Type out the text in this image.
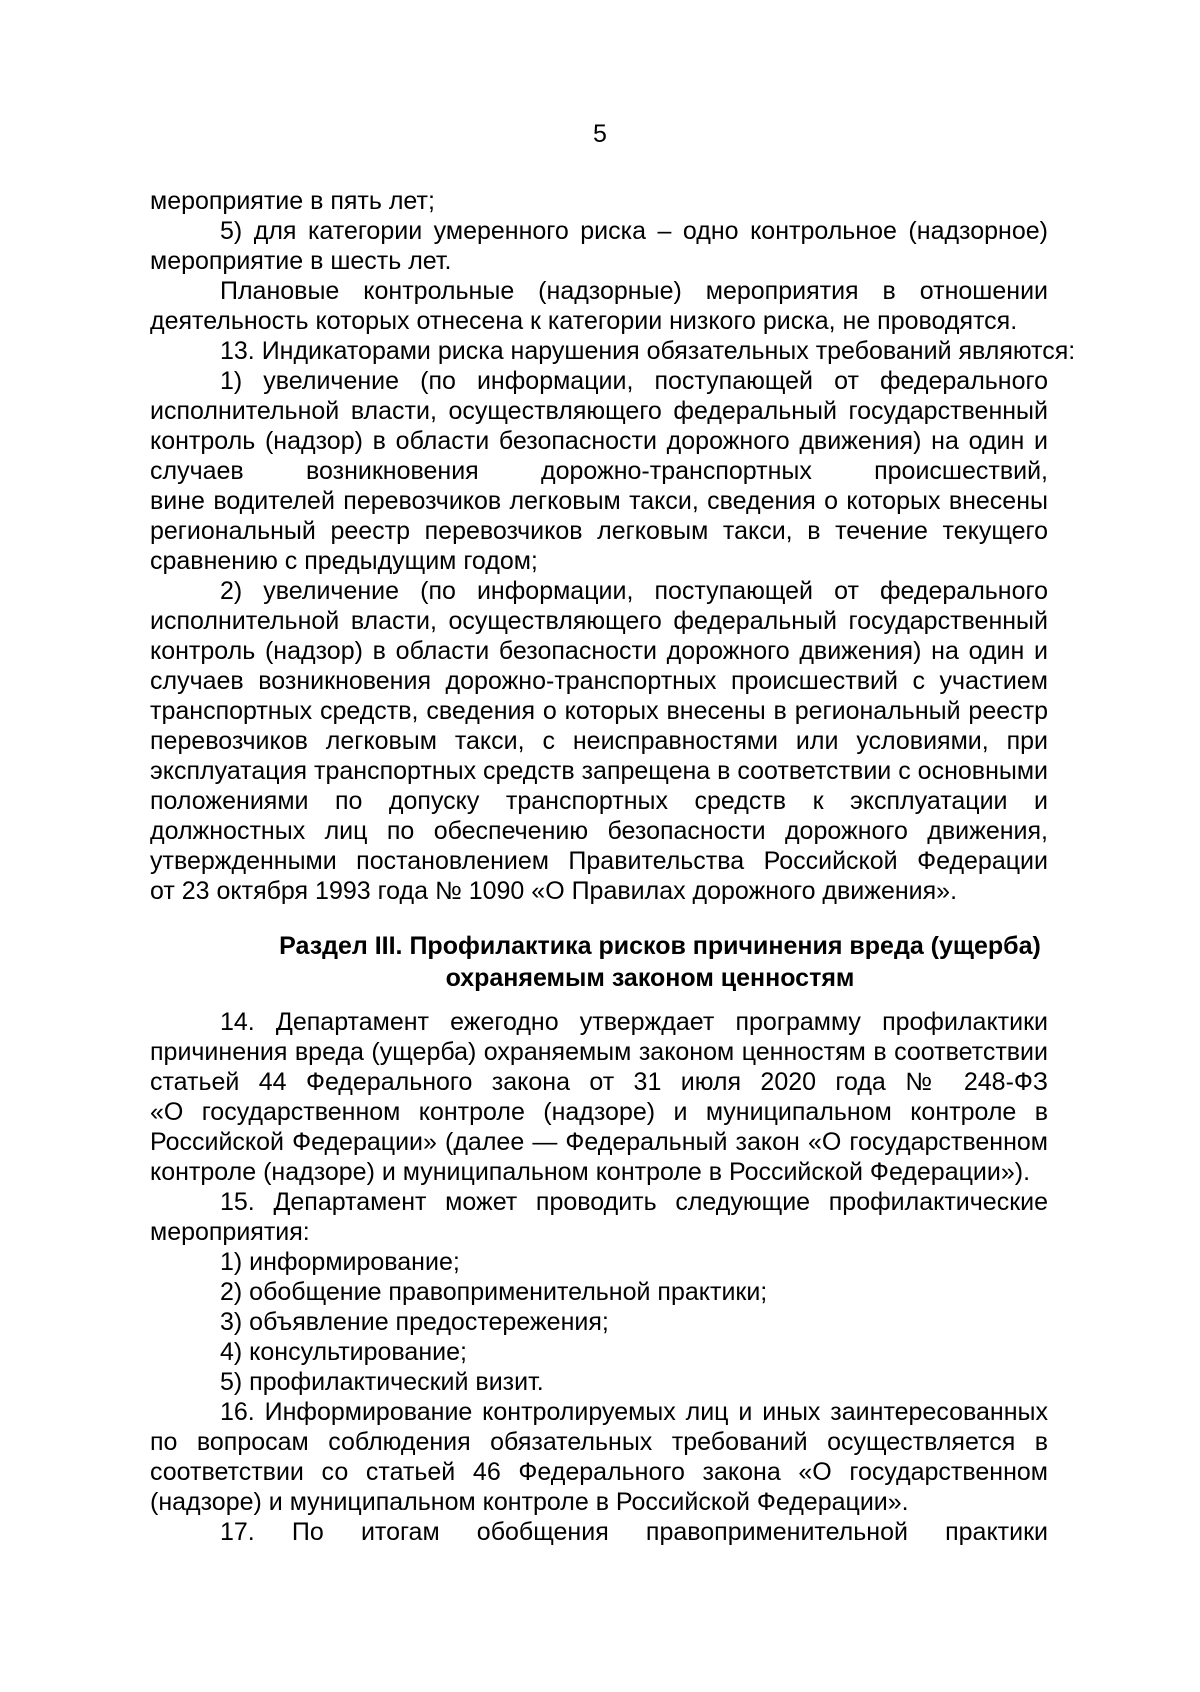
5
мероприятие в пять лет;
5) для категории умеренного риска – одно контрольное (надзорное)
мероприятие в шесть лет.
Плановые контрольные (надзорные) мероприятия в отношении
деятельность которых отнесена к категории низкого риска, не проводятся.
13. Индикаторами риска нарушения обязательных требований являются:
1) увеличение (по информации, поступающей от федерального
исполнительной власти, осуществляющего федеральный государственный
контроль (надзор) в области безопасности дорожного движения) на один и
случаев возникновения дорожно-транспортных происшествий,
вине водителей перевозчиков легковым такси, сведения о которых внесены
региональный реестр перевозчиков легковым такси, в течение текущего
сравнению с предыдущим годом;
2) увеличение (по информации, поступающей от федерального
исполнительной власти, осуществляющего федеральный государственный
контроль (надзор) в области безопасности дорожного движения) на один и
случаев возникновения дорожно-транспортных происшествий с участием
транспортных средств, сведения о которых внесены в региональный реестр
перевозчиков легковым такси, с неисправностями или условиями, при
эксплуатация транспортных средств запрещена в соответствии с основными
положениями по допуску транспортных средств к эксплуатации и
должностных лиц по обеспечению безопасности дорожного движения,
утвержденными постановлением Правительства Российской Федерации
от 23 октября 1993 года № 1090 «О Правилах дорожного движения».
Раздел III. Профилактика рисков причинения вреда (ущерба)
охраняемым законом ценностям
14. Департамент ежегодно утверждает программу профилактики
причинения вреда (ущерба) охраняемым законом ценностям в соответствии
статьей 44 Федерального закона от 31 июля 2020 года № 248-ФЗ
«О государственном контроле (надзоре) и муниципальном контроле в
Российской Федерации» (далее — Федеральный закон «О государственном
контроле (надзоре) и муниципальном контроле в Российской Федерации»).
15. Департамент может проводить следующие профилактические
мероприятия:
1) информирование;
2) обобщение правоприменительной практики;
3) объявление предостережения;
4) консультирование;
5) профилактический визит.
16. Информирование контролируемых лиц и иных заинтересованных
по вопросам соблюдения обязательных требований осуществляется в
соответствии со статьей 46 Федерального закона «О государственном
(надзоре) и муниципальном контроле в Российской Федерации».
17. По итогам обобщения правоприменительной практики
